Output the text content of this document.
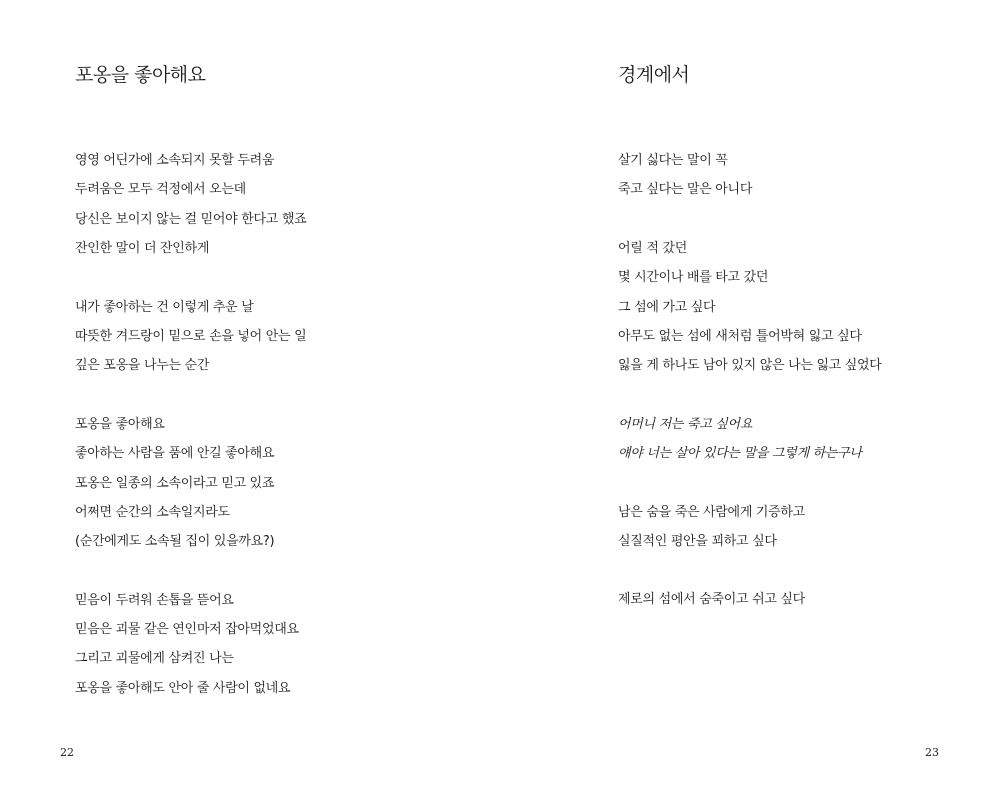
포옹을 좋아해요
영영 어딘가에 소속되지 못할 두려움
두려움은 모두 걱정에서 오는데
당신은 보이지 않는 걸 믿어야 한다고 했죠
잔인한 말이 더 잔인하게
내가 좋아하는 건 이렇게 추운 날
따뜻한 겨드랑이 밑으로 손을 넣어 안는 일
깊은 포옹을 나누는 순간
포옹을 좋아해요
좋아하는 사람을 품에 안길 좋아해요
포옹은 일종의 소속이라고 믿고 있죠
어쩌면 순간의 소속일지라도
(순간에게도 소속될 집이 있을까요?)
믿음이 두려워 손톱을 뜯어요
믿음은 괴물 같은 연인마저 잡아먹었대요
그리고 괴물에게 삼켜진 나는
포옹을 좋아해도 안아 줄 사람이 없네요
22
경계에서
살기 싫다는 말이 꼭
죽고 싶다는 말은 아니다
어릴 적 갔던
몇 시간이나 배를 타고 갔던
그 섬에 가고 싶다
아무도 없는 섬에 새처럼 틀어박혀 잃고 싶다
잃을 게 하나도 남아 있지 않은 나는 잃고 싶었다
어머니 저는 죽고 싶어요
얘야 너는 살아 있다는 말을 그렇게 하는구나
남은 숨을 죽은 사람에게 기증하고
실질적인 평안을 꾀하고 싶다
제로의 섬에서 숨죽이고 쉬고 싶다
23
